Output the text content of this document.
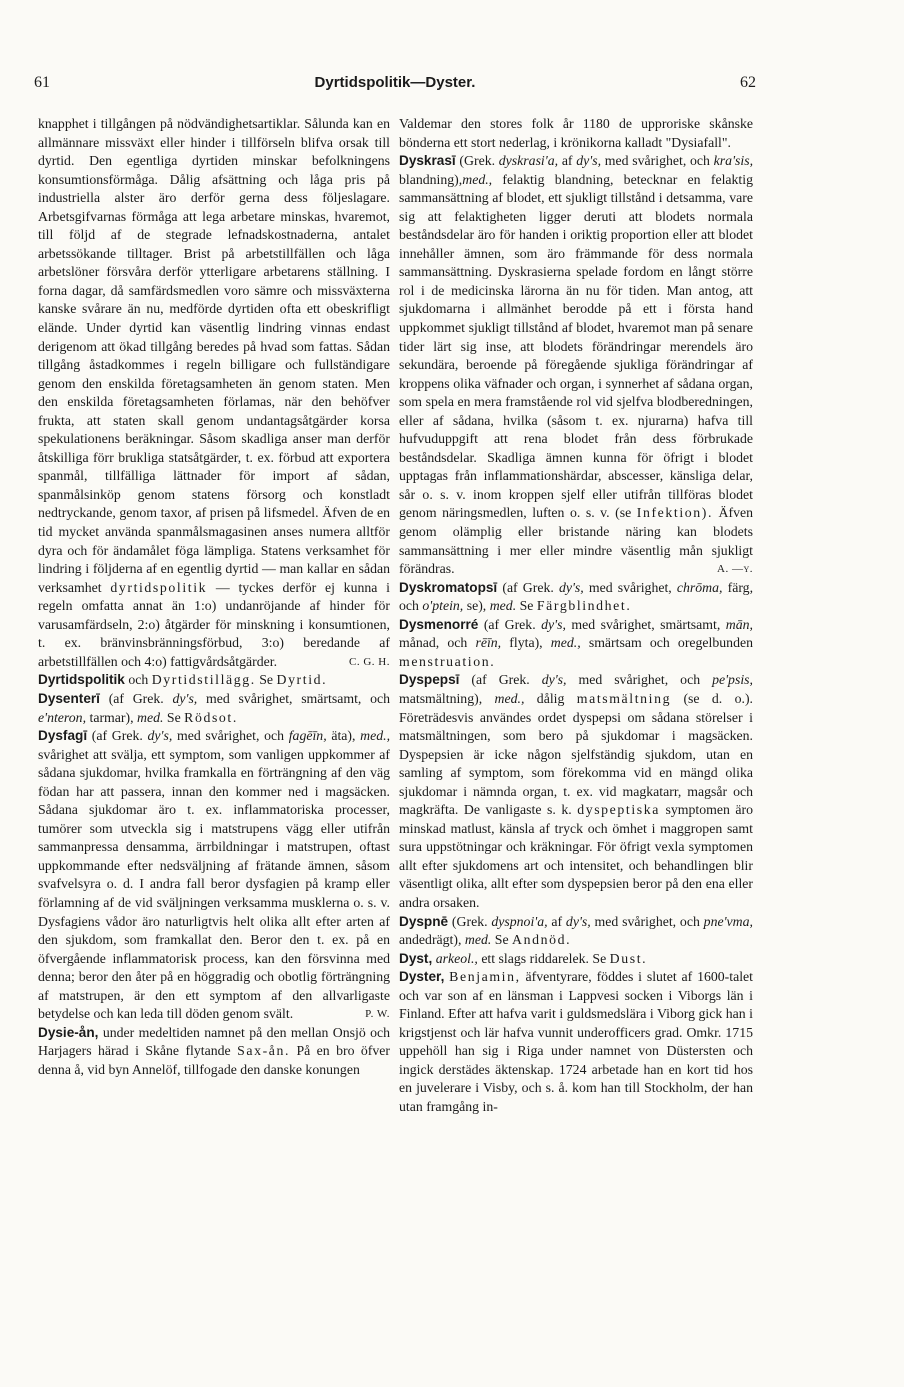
61	Dyrtidspolitik—Dyster.	62

knapphet i tillgången på nödvändighetsartiklar. Sålunda kan en allmännare missväxt eller hinder i tillförseln blifva orsak till dyrtid. Den egentliga dyrtiden minskar befolkningens konsumtionsförmåga. Dålig afsättning och låga pris på industriella alster äro derför gerna dess följeslagare. Arbetsgifvarnas förmåga att lega arbetare minskas, hvaremot, till följd af de stegrade lefnadskostnaderna, antalet arbetssökande tilltager. Brist på arbetstillfällen och låga arbetslöner försvåra derför ytterligare arbetarens ställning. I forna dagar, då samfärdsmedlen voro sämre och missväxterna kanske svårare än nu, medförde dyrtiden ofta ett obeskrifligt elände. Under dyrtid kan väsentlig lindring vinnas endast derigenom att ökad tillgång beredes på hvad som fattas. Sådan tillgång åstadkommes i regeln billigare och fullständigare genom den enskilda företagsamheten än genom staten. Men den enskilda företagsamheten förlamas, när den behöfver frukta, att staten skall genom undantagsåtgärder korsa spekulationens beräkningar. Såsom skadliga anser man derför åtskilliga förr brukliga statsåtgärder, t. ex. förbud att exportera spanmål, tillfälliga lättnader för import af sådan, spanmålsinköp genom statens försorg och konstladt nedtryckande, genom taxor, af prisen på lifsmedel. Äfven de en tid mycket använda spanmålsmagasinen anses numera alltför dyra och för ändamålet föga lämpliga. Statens verksamhet för lindring i följderna af en egentlig dyrtid — man kallar en sådan verksamhet dyrtidspolitik — tyckes derför ej kunna i regeln omfatta annat än 1:o) undanröjande af hinder för varusamfärdseln, 2:o) åtgärder för minskning i konsumtionen, t. ex. bränvinsbränningsförbud, 3:o) beredande af arbetstillfällen och 4:o) fattigvårdsåtgärder.	C. G. H.

Dyrtidspolitik och Dyrtidstillägg. Se Dyrtid.

Dysenterī (af Grek. dy's, med svårighet, smärtsamt, och e'nteron, tarmar), med. Se Rödsot.

Dysfagī (af Grek. dy's, med svårighet, och fagēīn, äta), med., svårighet att svälja, ett symptom, som vanligen uppkommer af sådana sjukdomar, hvilka framkalla en förträngning af den väg födan har att passera, innan den kommer ned i magsäcken. Sådana sjukdomar äro t. ex. inflammatoriska processer, tumörer som utveckla sig i matstrupens vägg eller utifrån sammanpressa densamma, ärrbildningar i matstrupen, oftast uppkommande efter nedsväljning af frätande ämnen, såsom svafvelsyra o. d. I andra fall beror dysfagien på kramp eller förlamning af de vid sväljningen verksamma musklerna o. s. v. Dysfagiens vådor äro naturligtvis helt olika allt efter arten af den sjukdom, som framkallat den. Beror den t. ex. på en öfvergående inflammatorisk process, kan den försvinna med denna; beror den åter på en höggradig och obotlig förträngning af matstrupen, är den ett symptom af den allvarligaste betydelse och kan leda till döden genom svält.	P. W.

Dysie-ån, under medeltiden namnet på den mellan Onsjö och Harjagers härad i Skåne flytande Sax-ån. På en bro öfver denna å, vid byn Annelöf, tillfogade den danske konungen

Valdemar den stores folk år 1180 de upproriske skånske bönderna ett stort nederlag, i krönikorna kalladt "Dysiafall".

Dyskrasī (Grek. dyskrasi'a, af dy's, med svårighet, och kra'sis, blandning),med., felaktig blandning, betecknar en felaktig sammansättning af blodet, ett sjukligt tillstånd i detsamma, vare sig att felaktigheten ligger deruti att blodets normala beståndsdelar äro för handen i oriktig proportion eller att blodet innehåller ämnen, som äro främmande för dess normala sammansättning. Dyskrasierna spelade fordom en långt större rol i de medicinska lärorna än nu för tiden. Man antog, att sjukdomarna i allmänhet berodde på ett i första hand uppkommet sjukligt tillstånd af blodet, hvaremot man på senare tider lärt sig inse, att blodets förändringar merendels äro sekundära, beroende på föregående sjukliga förändringar af kroppens olika väfnader och organ, i synnerhet af sådana organ, som spela en mera framstående rol vid sjelfva blodberedningen, eller af sådana, hvilka (såsom t. ex. njurarna) hafva till hufvuduppgift att rena blodet från dess förbrukade beståndsdelar. Skadliga ämnen kunna för öfrigt i blodet upptagas från inflammationshärdar, abscesser, känsliga delar, sår o. s. v. inom kroppen sjelf eller utifrån tillföras blodet genom näringsmedlen, luften o. s. v. (se Infektion). Äfven genom olämplig eller bristande näring kan blodets sammansättning i mer eller mindre väsentlig mån sjukligt förändras.	A. —y.

Dyskromatopsī (af Grek. dy's, med svårighet, chrōma, färg, och o'ptein, se), med. Se Färgblindhet.

Dysmenorré (af Grek. dy's, med svårighet, smärtsamt, mān, månad, och rēīn, flyta), med., smärtsam och oregelbunden menstruation.

Dyspepsī (af Grek. dy's, med svårighet, och pe'psis, matsmältning), med., dålig matsmältning (se d. o.). Företrädesvis användes ordet dyspepsi om sådana störelser i matsmältningen, som bero på sjukdomar i magsäcken. Dyspepsien är icke någon sjelfständig sjukdom, utan en samling af symptom, som förekomma vid en mängd olika sjukdomar i nämnda organ, t. ex. vid magkatarr, magsår och magkräfta. De vanligaste s. k. dyspeptiska symptomen äro minskad matlust, känsla af tryck och ömhet i maggropen samt sura uppstötningar och kräkningar. För öfrigt vexla symptomen allt efter sjukdomens art och intensitet, och behandlingen blir väsentligt olika, allt efter som dyspepsien beror på den ena eller andra orsaken.

Dyspnē (Grek. dyspnoi'a, af dy's, med svårighet, och pne'vma, andedrägt), med. Se Andnöd.

Dyst, arkeol., ett slags riddarelek. Se Dust.

Dyster, Benjamin, äfventyrare, föddes i slutet af 1600-talet och var son af en länsman i Lappvesi socken i Viborgs län i Finland. Efter att hafva varit i guldsmedslära i Viborg gick han i krigstjenst och lär hafva vunnit underofficers grad. Omkr. 1715 uppehöll han sig i Riga under namnet von Düstersten och ingick derstädes äktenskap. 1724 arbetade han en kort tid hos en juvelerare i Visby, och s. å. kom han till Stockholm, der han utan framgång in-
